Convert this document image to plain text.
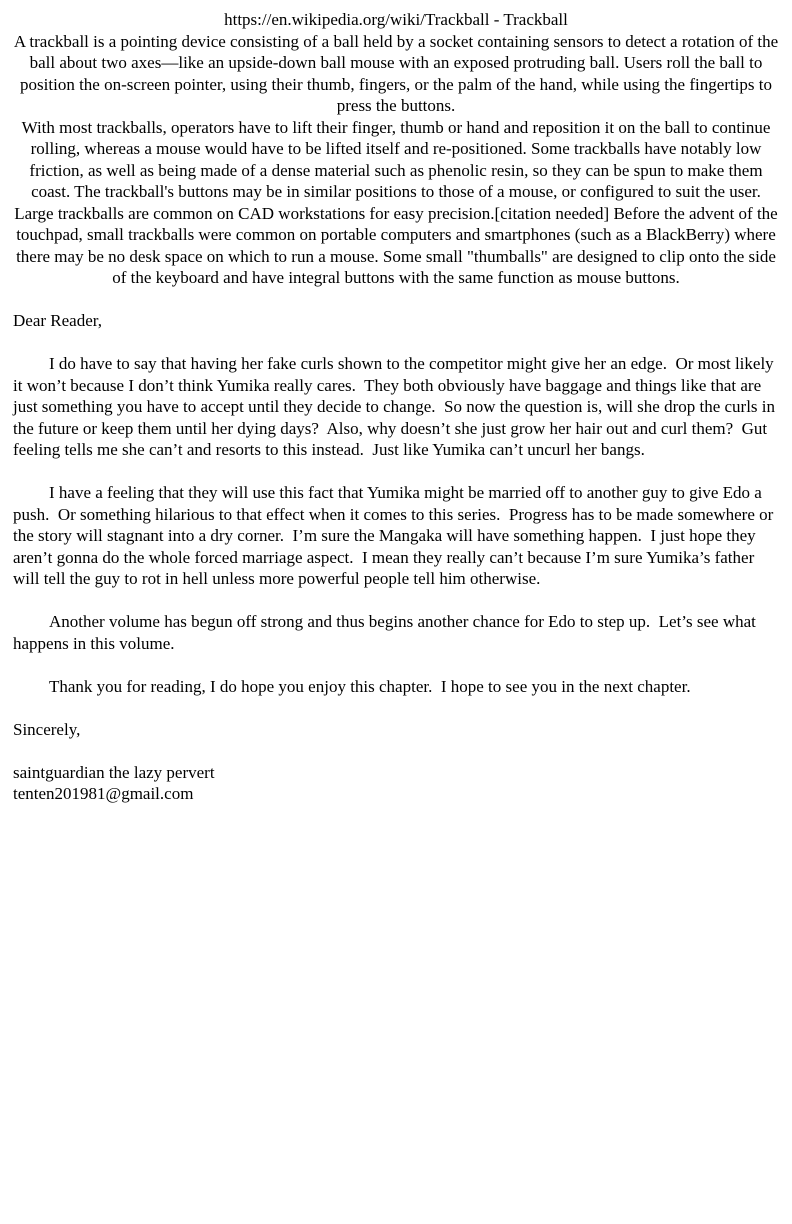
https://en.wikipedia.org/wiki/Trackball - Trackball

A trackball is a pointing device consisting of a ball held by a socket containing sensors to detect a rotation of the ball about two axes—like an upside-down ball mouse with an exposed protruding ball. Users roll the ball to position the on-screen pointer, using their thumb, fingers, or the palm of the hand, while using the fingertips to press the buttons.

With most trackballs, operators have to lift their finger, thumb or hand and reposition it on the ball to continue rolling, whereas a mouse would have to be lifted itself and re-positioned. Some trackballs have notably low friction, as well as being made of a dense material such as phenolic resin, so they can be spun to make them coast. The trackball's buttons may be in similar positions to those of a mouse, or configured to suit the user.

Large trackballs are common on CAD workstations for easy precision.[citation needed] Before the advent of the touchpad, small trackballs were common on portable computers and smartphones (such as a BlackBerry) where there may be no desk space on which to run a mouse. Some small "thumballs" are designed to clip onto the side of the keyboard and have integral buttons with the same function as mouse buttons.

Dear Reader,

I do have to say that having her fake curls shown to the competitor might give her an edge.  Or most likely it won’t because I don’t think Yumika really cares.  They both obviously have baggage and things like that are just something you have to accept until they decide to change.  So now the question is, will she drop the curls in the future or keep them until her dying days?  Also, why doesn’t she just grow her hair out and curl them?  Gut feeling tells me she can’t and resorts to this instead.  Just like Yumika can’t uncurl her bangs.

I have a feeling that they will use this fact that Yumika might be married off to another guy to give Edo a push.  Or something hilarious to that effect when it comes to this series.  Progress has to be made somewhere or the story will stagnant into a dry corner.  I’m sure the Mangaka will have something happen.  I just hope they aren’t gonna do the whole forced marriage aspect.  I mean they really can’t because I’m sure Yumika’s father will tell the guy to rot in hell unless more powerful people tell him otherwise.

Another volume has begun off strong and thus begins another chance for Edo to step up.  Let’s see what happens in this volume.

Thank you for reading, I do hope you enjoy this chapter.  I hope to see you in the next chapter.

Sincerely,

saintguardian the lazy pervert

tenten201981@gmail.com
